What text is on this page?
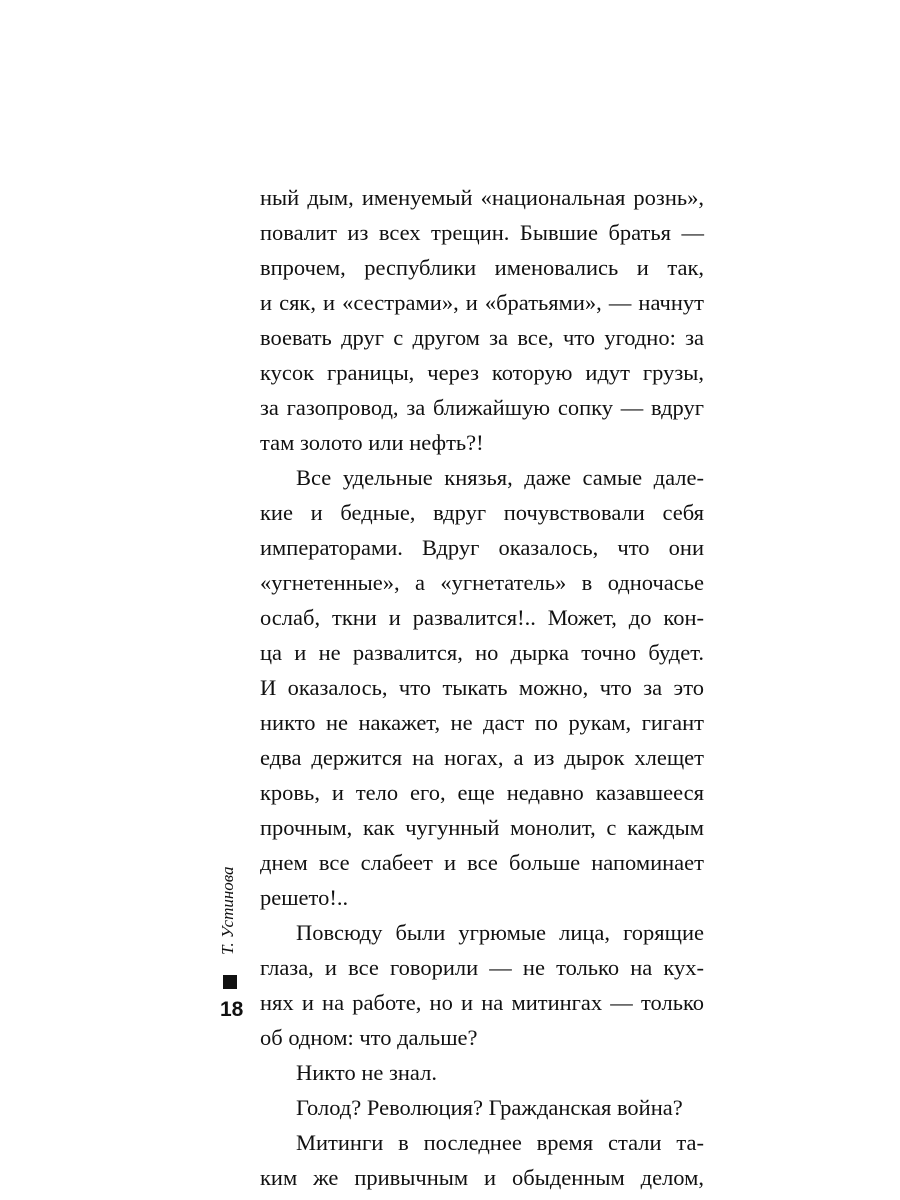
ный дым, именуемый «национальная рознь»,
повалит из всех трещин. Бывшие братья —
впрочем, республики именовались и так,
и сяк, и «сестрами», и «братьями», — начнут
воевать друг с другом за все, что угодно: за
кусок границы, через которую идут грузы,
за газопровод, за ближайшую сопку — вдруг
там золото или нефть?!
Все удельные князья, даже самые дале-
кие и бедные, вдруг почувствовали себя
императорами. Вдруг оказалось, что они
«угнетенные», а «угнетатель» в одночасье
ослаб, ткни и развалится!.. Может, до кон-
ца и не развалится, но дырка точно будет.
И оказалось, что тыкать можно, что за это
никто не накажет, не даст по рукам, гигант
едва держится на ногах, а из дырок хлещет
кровь, и тело его, еще недавно казавшееся
прочным, как чугунный монолит, с каждым
днем все слабеет и все больше напоминает
решето!..
Повсюду были угрюмые лица, горящие
глаза, и все говорили — не только на кух-
нях и на работе, но и на митингах — только
об одном: что дальше?
Никто не знал.
Голод? Революция? Гражданская война?
Митинги в последнее время стали та-
ким же привычным и обыденным делом,
Т. Устинова
18
